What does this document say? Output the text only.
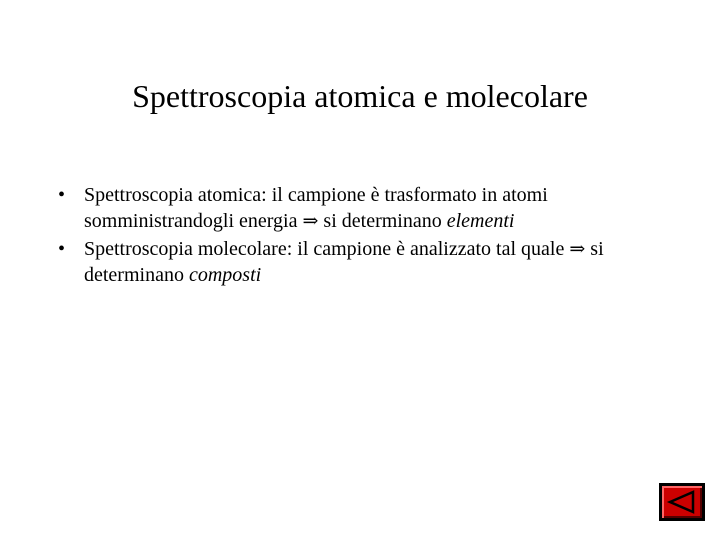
Spettroscopia atomica e molecolare
• Spettroscopia atomica: il campione è trasformato in atomi somministrandogli energia ⇒ si determinano elementi
• Spettroscopia molecolare: il campione è analizzato tal quale ⇒ si determinano composti
